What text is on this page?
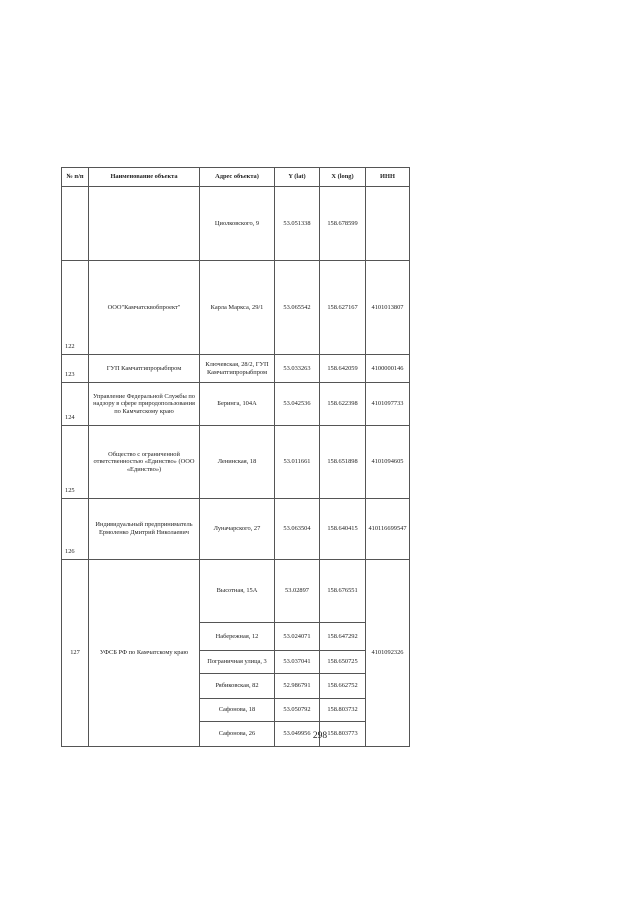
№ п/п	Наименование объекта	Адрес объекта)	Y (lat)	X (long)	ИНН
		Циолковского, 9	53.051338	158.678599	
122	ООО"Камчатсквобпроект"	Карла Маркса, 29/1	53.065542	158.627167	4101013807
123	ГУП Камчатгипрорыбпром	Ключевская, 28/2, ГУП Камчатгипрорыбпром	53.033263	158.642059	4100000146
124	Управление Федеральной Службы по надзору в сфере природопользования по Камчатскому краю	Беринга, 104А	53.042536	158.622398	4101097733
125	Общество с ограниченной ответственностью «Единство» (ООО «Единство»)	Ленинская, 18	53.011661	158.651898	4101094605
126	Индивидуальный предприниматель Ермоленко Дмитрий Николаевич	Луначарского, 27	53.063504	158.640415	410116699547
127	УФСБ РФ по Камчатскому краю	Высотная, 15А	53.02897	158.676551	4101092326
		Набережная, 12	53.024071	158.647292	
		Пограничная улица, 3	53.037041	158.650725	
		Рябиковская, 82	52.986791	158.662752	
		Сафонова, 18	53.050792	158.803732	
		Сафонова, 26	53.049956	158.803773	
298
